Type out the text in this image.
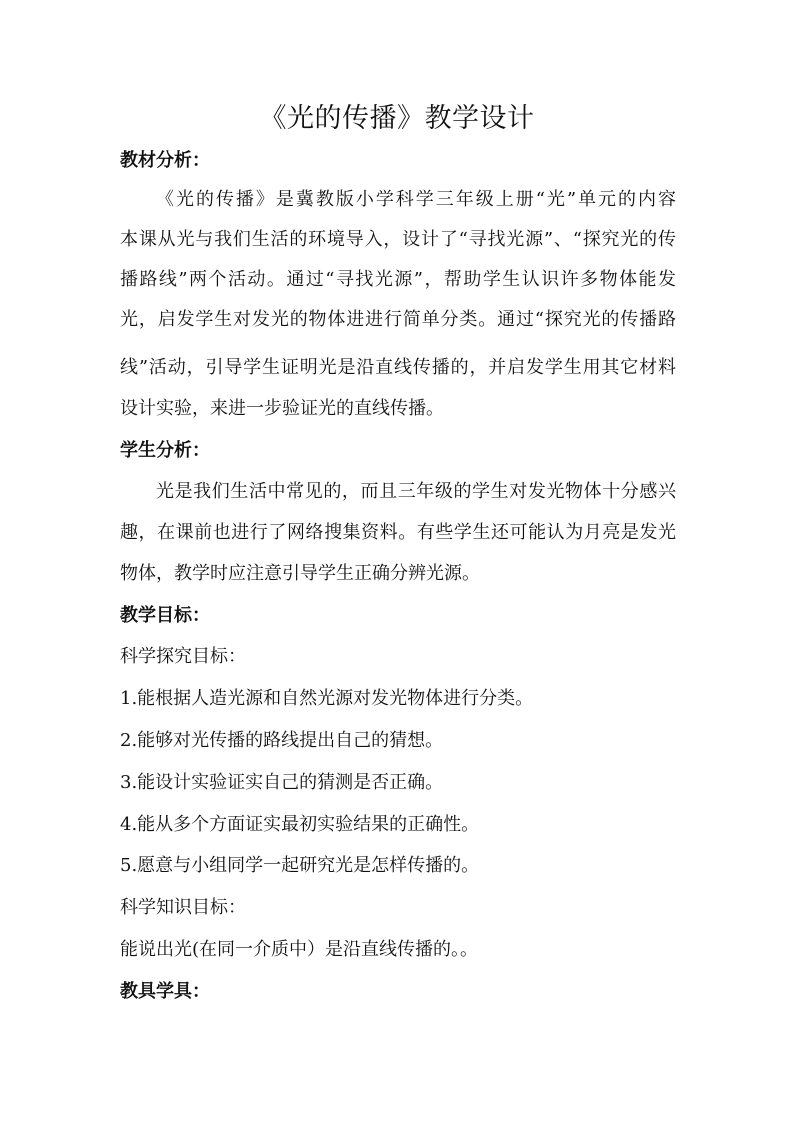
《光的传播》教学设计
教材分析：
《光的传播》是冀教版小学科学三年级上册“光”单元的内容
本课从光与我们生活的环境导入，设计了“寻找光源”、“探究光的传
播路线”两个活动。通过“寻找光源”，帮助学生认识许多物体能发
光，启发学生对发光的物体进进行简单分类。通过“探究光的传播路
线”活动，引导学生证明光是沿直线传播的，并启发学生用其它材料
设计实验，来进一步验证光的直线传播。
学生分析：
光是我们生活中常见的，而且三年级的学生对发光物体十分感兴
趣，在课前也进行了网络搜集资料。有些学生还可能认为月亮是发光
物体，教学时应注意引导学生正确分辨光源。
教学目标：
科学探究目标：
1.能根据人造光源和自然光源对发光物体进行分类。
2.能够对光传播的路线提出自己的猜想。
3.能设计实验证实自己的猜测是否正确。
4.能从多个方面证实最初实验结果的正确性。
5.愿意与小组同学一起研究光是怎样传播的。
科学知识目标：
能说出光(在同一介质中）是沿直线传播的。。
教具学具：
